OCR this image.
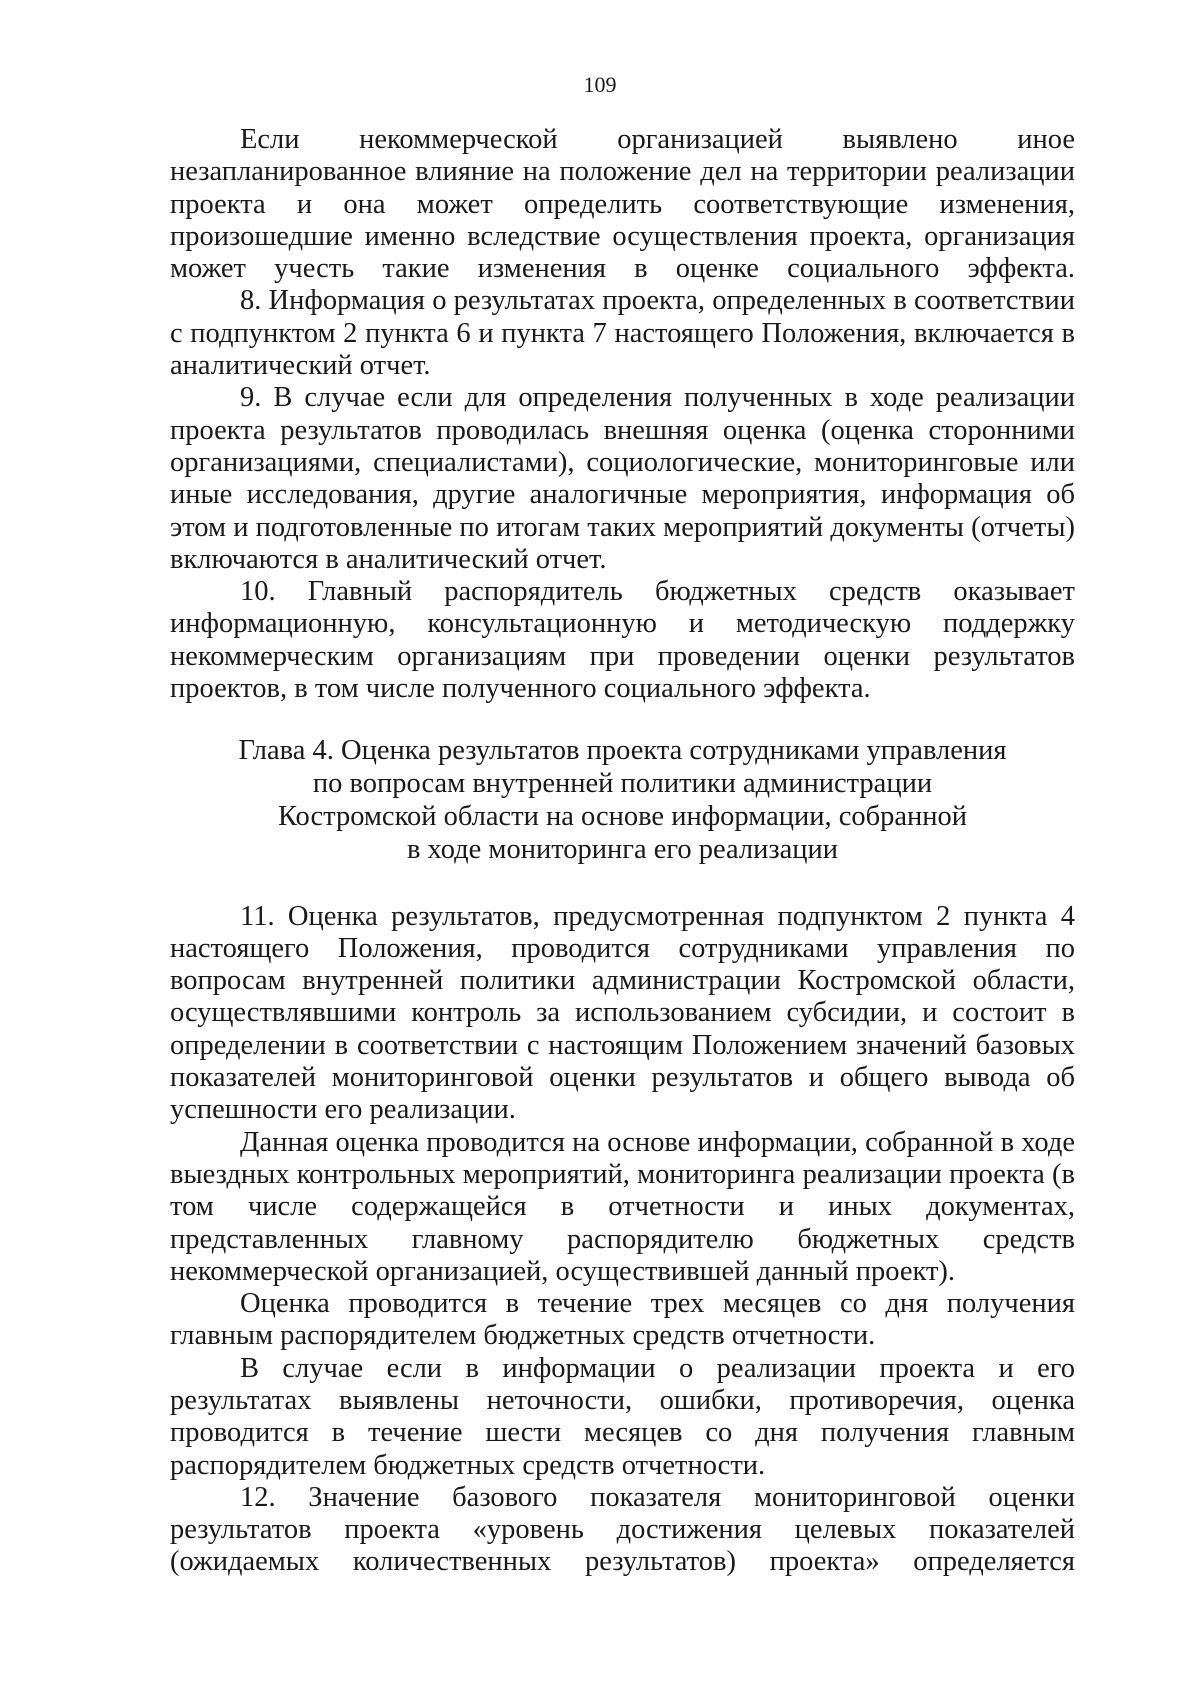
109

Если некоммерческой организацией выявлено иное незапланированное влияние на положение дел на территории реализации проекта и она может определить соответствующие изменения, произошедшие именно вследствие осуществления проекта, организация может учесть такие изменения в оценке социального эффекта.

8. Информация о результатах проекта, определенных в соответствии с подпунктом 2 пункта 6 и пункта 7 настоящего Положения, включается в аналитический отчет.

9. В случае если для определения полученных в ходе реализации проекта результатов проводилась внешняя оценка (оценка сторонними организациями, специалистами), социологические, мониторинговые или иные исследования, другие аналогичные мероприятия, информация об этом и подготовленные по итогам таких мероприятий документы (отчеты) включаются в аналитический отчет.

10. Главный распорядитель бюджетных средств оказывает информационную, консультационную и методическую поддержку некоммерческим организациям при проведении оценки результатов проектов, в том числе полученного социального эффекта.

Глава 4. Оценка результатов проекта сотрудниками управления
по вопросам внутренней политики администрации
Костромской области на основе информации, собранной
в ходе мониторинга его реализации

11. Оценка результатов, предусмотренная подпунктом 2 пункта 4 настоящего Положения, проводится сотрудниками управления по вопросам внутренней политики администрации Костромской области, осуществлявшими контроль за использованием субсидии, и состоит в определении в соответствии с настоящим Положением значений базовых показателей мониторинговой оценки результатов и общего вывода об успешности его реализации.

Данная оценка проводится на основе информации, собранной в ходе выездных контрольных мероприятий, мониторинга реализации проекта (в том числе содержащейся в отчетности и иных документах, представленных главному распорядителю бюджетных средств некоммерческой организацией, осуществившей данный проект).

Оценка проводится в течение трех месяцев со дня получения главным распорядителем бюджетных средств отчетности.

В случае если в информации о реализации проекта и его результатах выявлены неточности, ошибки, противоречия, оценка проводится в течение шести месяцев со дня получения главным распорядителем бюджетных средств отчетности.

12. Значение базового показателя мониторинговой оценки результатов проекта «уровень достижения целевых показателей (ожидаемых количественных результатов) проекта» определяется
